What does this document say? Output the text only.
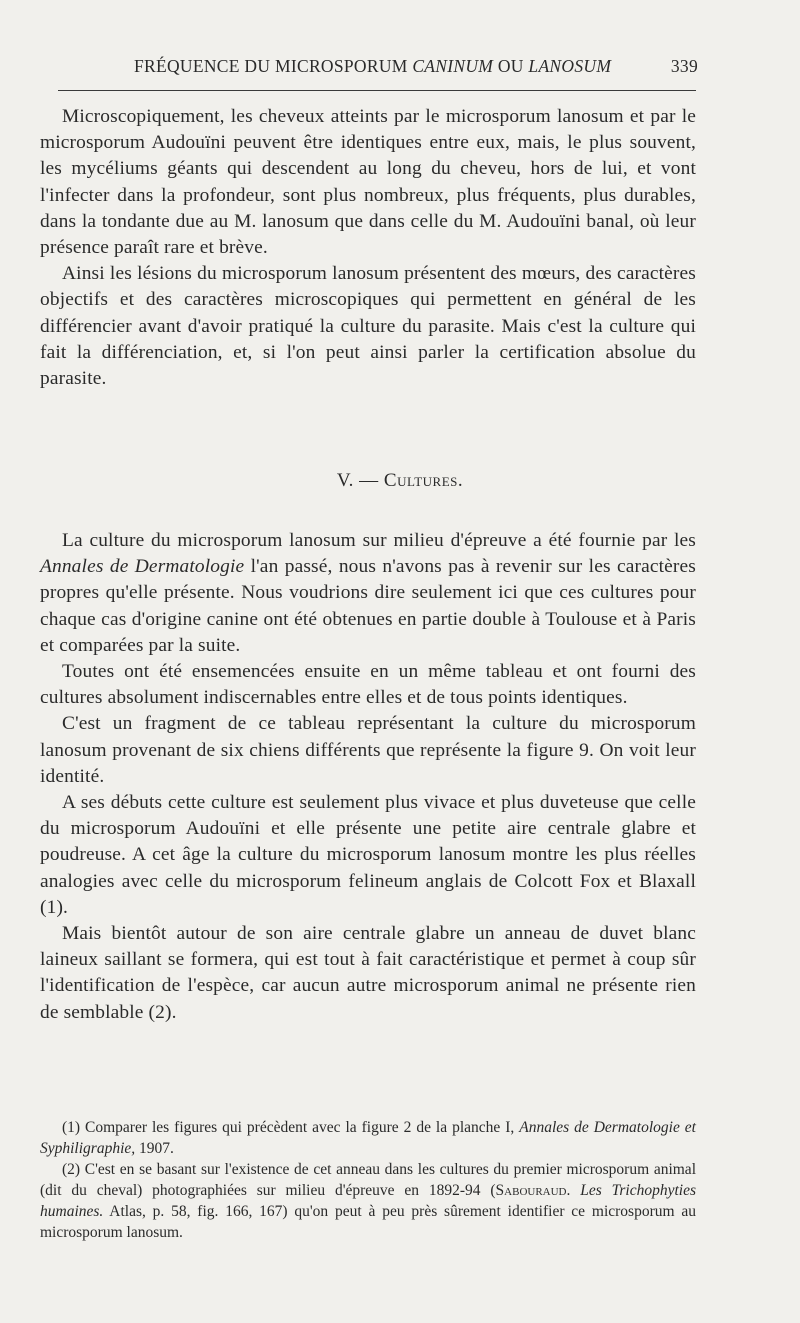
FRÉQUENCE DU MICROSPORUM CANINUM OU LANOSUM	339

Microscopiquement, les cheveux atteints par le microsporum lanosum et par le microsporum Audouïni peuvent être identiques entre eux, mais, le plus souvent, les mycéliums géants qui descendent au long du cheveu, hors de lui, et vont l'infecter dans la profondeur, sont plus nombreux, plus fréquents, plus durables, dans la tondante due au M. lanosum que dans celle du M. Audouïni banal, où leur présence paraît rare et brève.

Ainsi les lésions du microsporum lanosum présentent des mœurs, des caractères objectifs et des caractères microscopiques qui permettent en général de les différencier avant d'avoir pratiqué la culture du parasite. Mais c'est la culture qui fait la différenciation, et, si l'on peut ainsi parler la certification absolue du parasite.

V. — Cultures.

La culture du microsporum lanosum sur milieu d'épreuve a été fournie par les Annales de Dermatologie l'an passé, nous n'avons pas à revenir sur les caractères propres qu'elle présente. Nous voudrions dire seulement ici que ces cultures pour chaque cas d'origine canine ont été obtenues en partie double à Toulouse et à Paris et comparées par la suite.

Toutes ont été ensemencées ensuite en un même tableau et ont fourni des cultures absolument indiscernables entre elles et de tous points identiques.

C'est un fragment de ce tableau représentant la culture du microsporum lanosum provenant de six chiens différents que représente la figure 9. On voit leur identité.

A ses débuts cette culture est seulement plus vivace et plus duveteuse que celle du microsporum Audouïni et elle présente une petite aire centrale glabre et poudreuse. A cet âge la culture du microsporum lanosum montre les plus réelles analogies avec celle du microsporum felineum anglais de Colcott Fox et Blaxall (1).

Mais bientôt autour de son aire centrale glabre un anneau de duvet blanc laineux saillant se formera, qui est tout à fait caractéristique et permet à coup sûr l'identification de l'espèce, car aucun autre microsporum animal ne présente rien de semblable (2).

(1) Comparer les figures qui précèdent avec la figure 2 de la planche I, Annales de Dermatologie et Syphiligraphie, 1907.

(2) C'est en se basant sur l'existence de cet anneau dans les cultures du premier microsporum animal (dit du cheval) photographiées sur milieu d'épreuve en 1892-94 (Sabouraud. Les Trichophyties humaines. Atlas, p. 58, fig. 166, 167) qu'on peut à peu près sûrement identifier ce microsporum au microsporum lanosum.
